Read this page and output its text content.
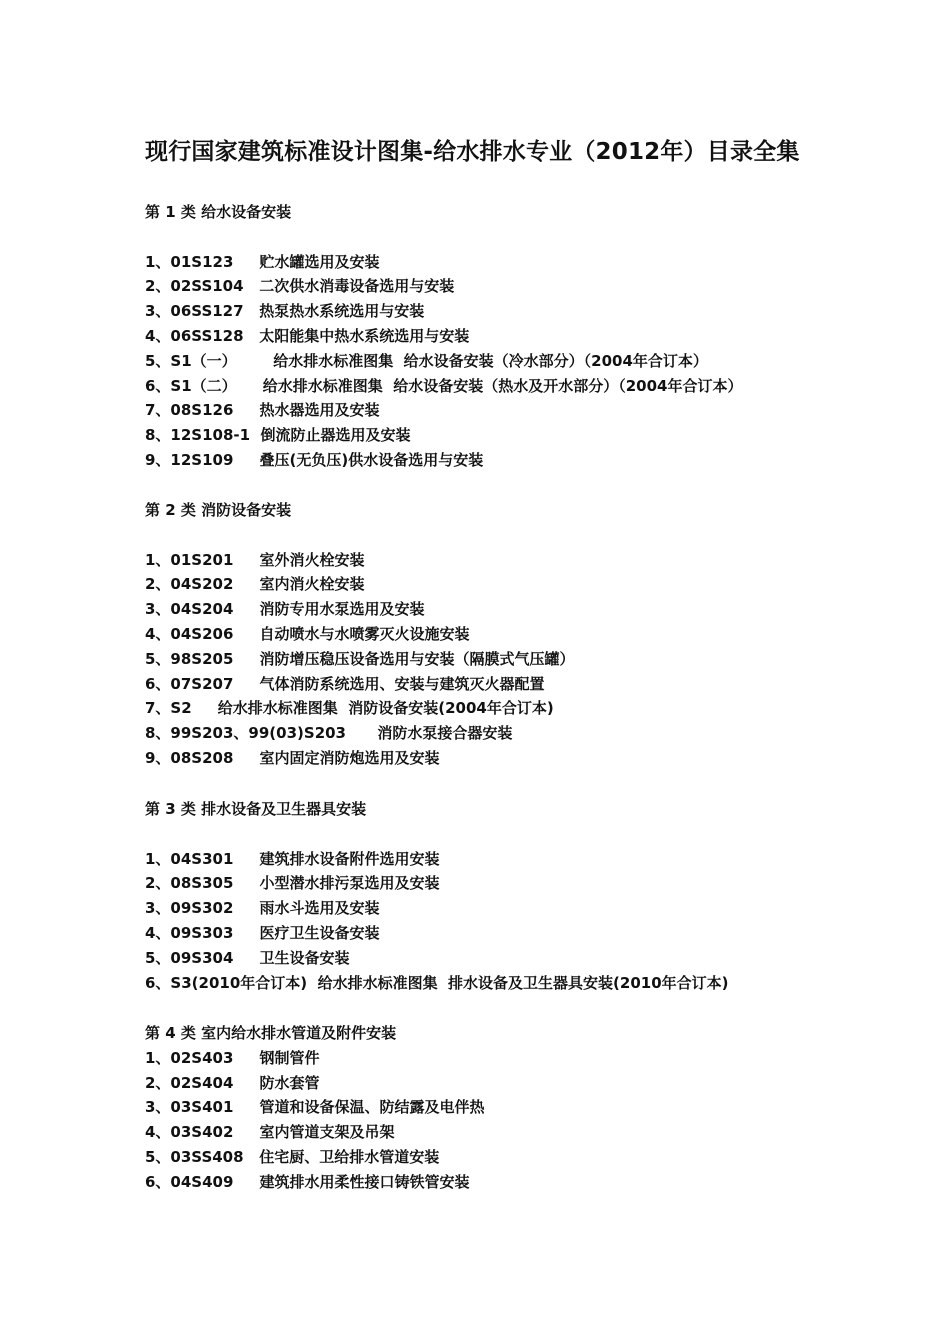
现行国家建筑标准设计图集-给水排水专业（2012年）目录全集
第 1 类 给水设备安装
1、01S123     贮水罐选用及安装
2、02SS104   二次供水消毒设备选用与安装
3、06SS127   热泵热水系统选用与安装
4、06SS128   太阳能集中热水系统选用与安装
5、S1（一）       给水排水标准图集  给水设备安装（冷水部分）（2004年合订本）
6、S1（二）     给水排水标准图集  给水设备安装（热水及开水部分）（2004年合订本）
7、08S126     热水器选用及安装
8、12S108-1  倒流防止器选用及安装
9、12S109     叠压(无负压)供水设备选用与安装
第 2 类 消防设备安装
1、01S201     室外消火栓安装
2、04S202     室内消火栓安装
3、04S204     消防专用水泵选用及安装
4、04S206     自动喷水与水喷雾灭火设施安装
5、98S205     消防增压稳压设备选用与安装（隔膜式气压罐）
6、07S207     气体消防系统选用、安装与建筑灭火器配置
7、S2     给水排水标准图集  消防设备安装(2004年合订本)
8、99S203、99(03)S203      消防水泵接合器安装
9、08S208     室内固定消防炮选用及安装
第 3 类 排水设备及卫生器具安装
1、04S301     建筑排水设备附件选用安装
2、08S305     小型潜水排污泵选用及安装
3、09S302     雨水斗选用及安装
4、09S303     医疗卫生设备安装
5、09S304     卫生设备安装
6、S3(2010年合订本)  给水排水标准图集  排水设备及卫生器具安装(2010年合订本)
第 4 类 室内给水排水管道及附件安装
1、02S403     钢制管件
2、02S404     防水套管
3、03S401     管道和设备保温、防结露及电伴热
4、03S402     室内管道支架及吊架
5、03SS408   住宅厨、卫给排水管道安装
6、04S409     建筑排水用柔性接口铸铁管安装
